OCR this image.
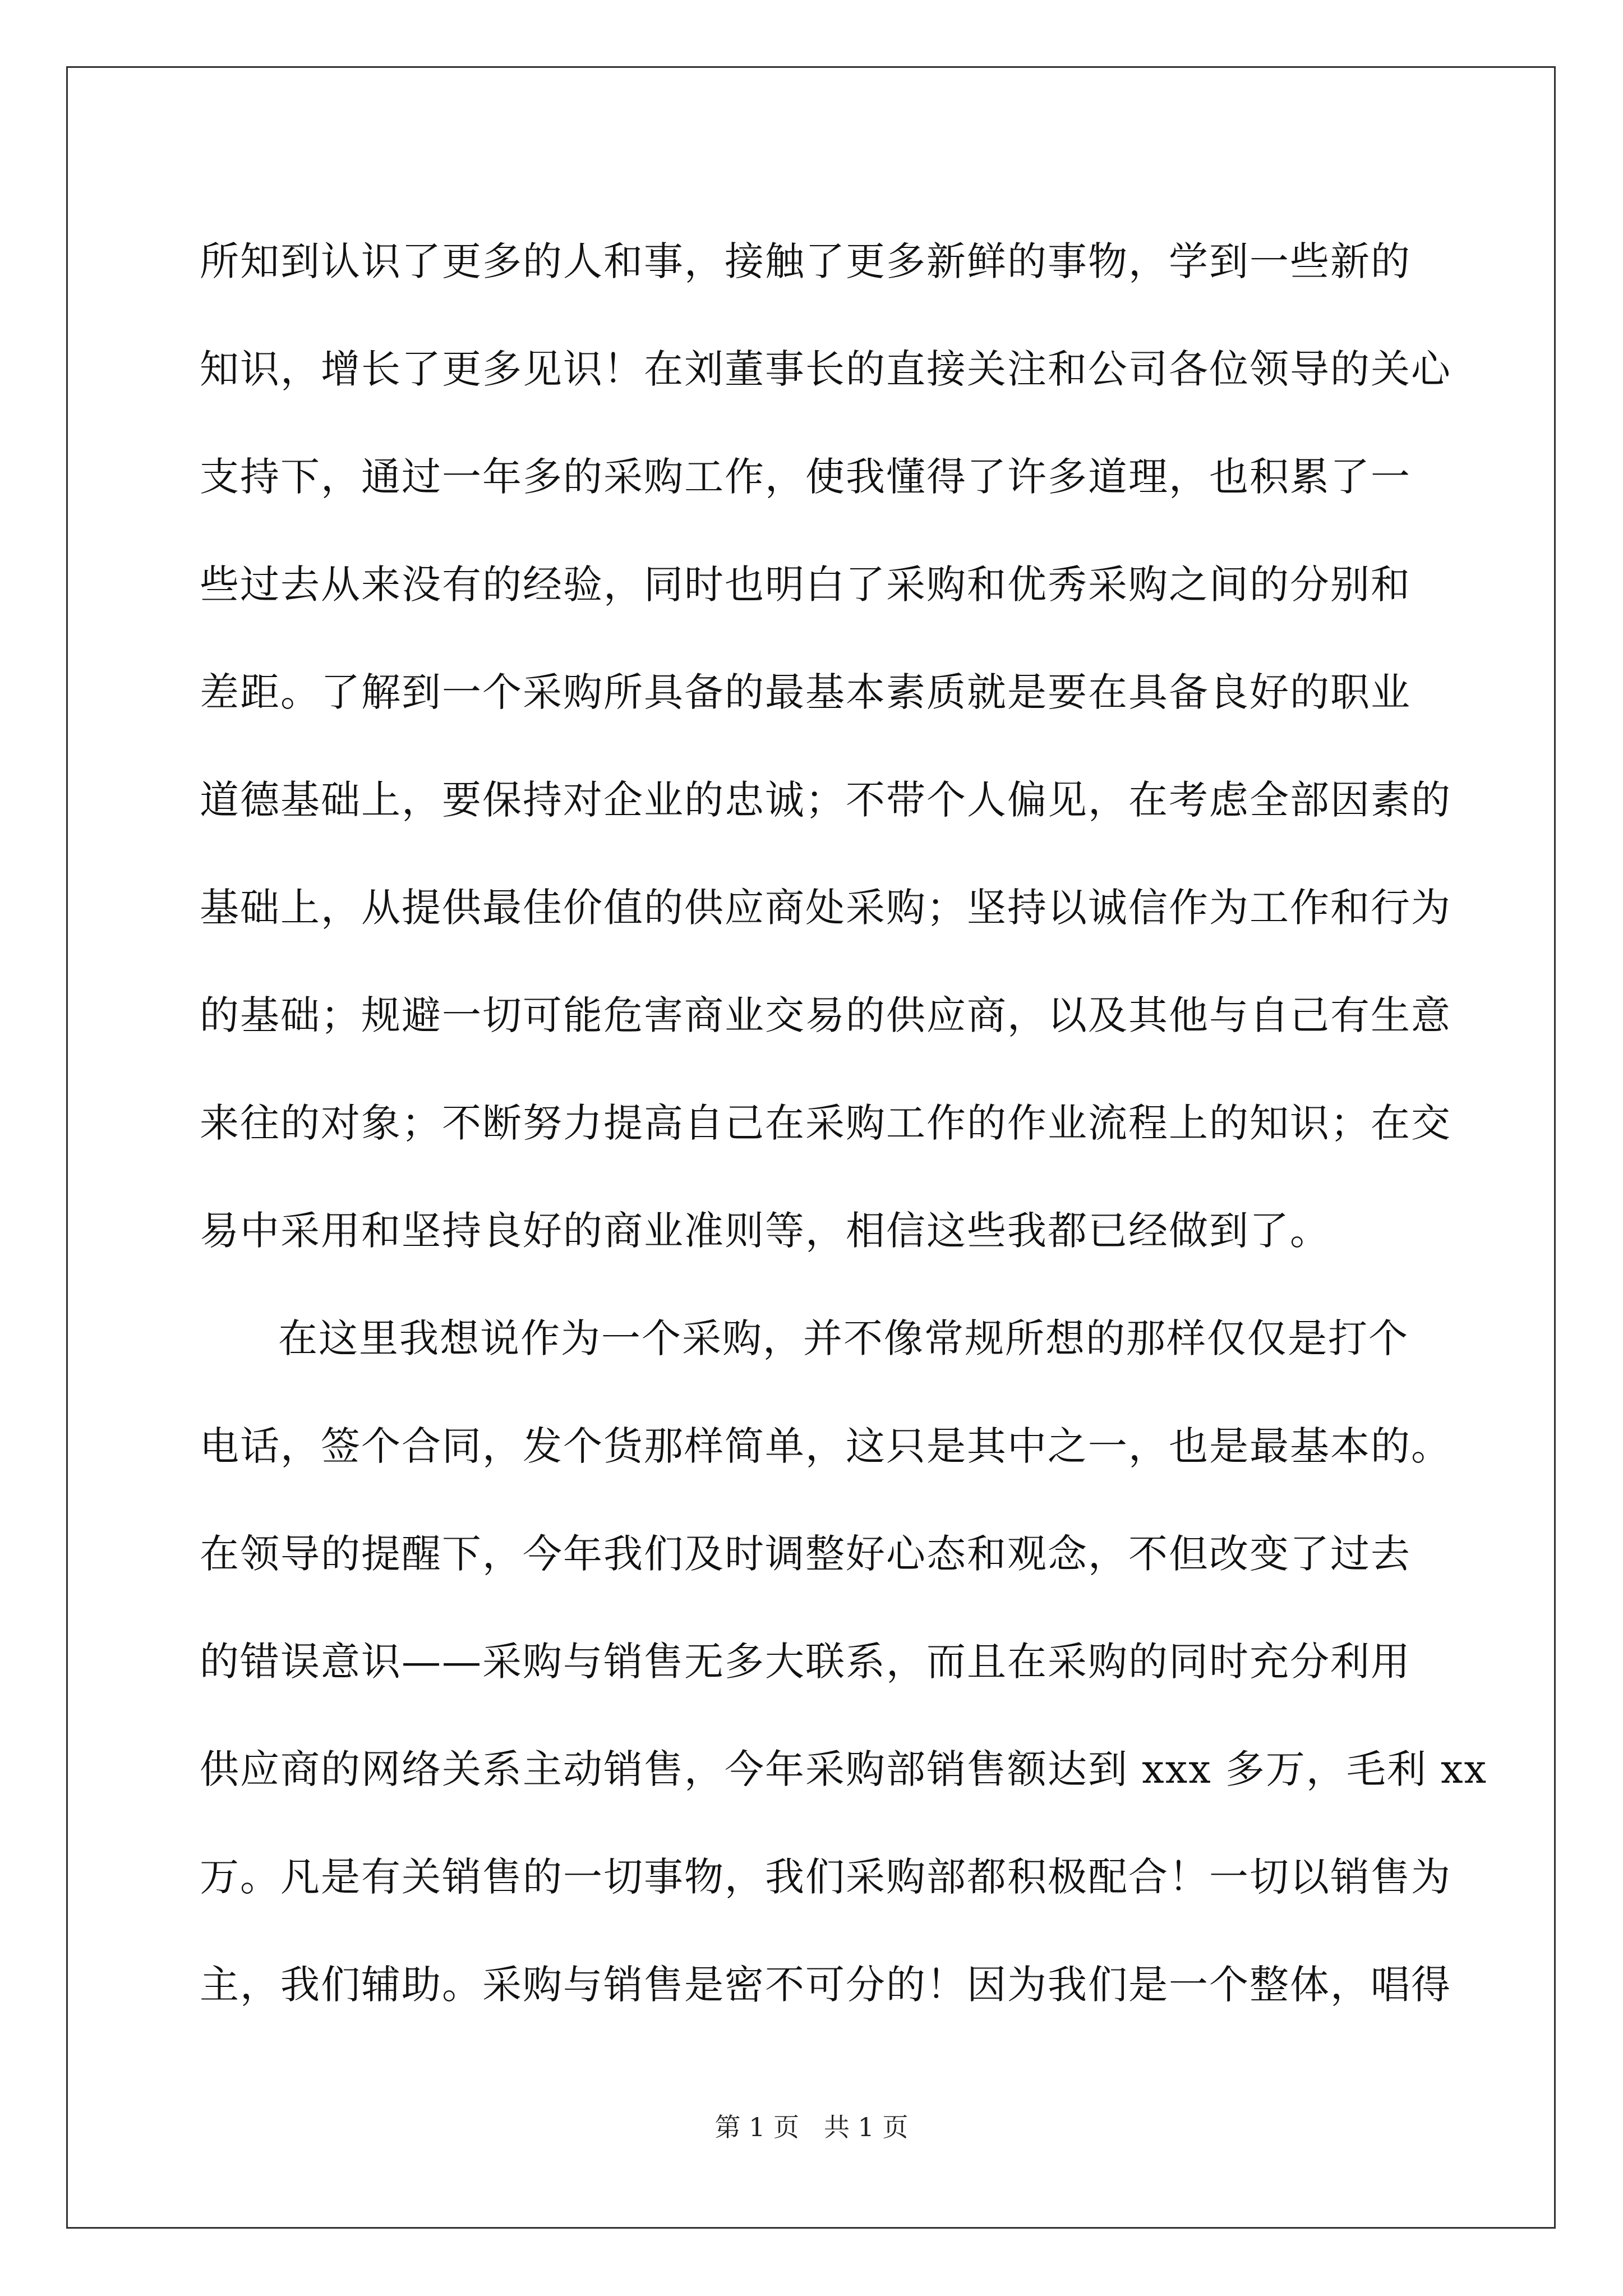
所知到认识了更多的人和事，接触了更多新鲜的事物，学到一些新的
知识，增长了更多见识！在刘董事长的直接关注和公司各位领导的关心
支持下，通过一年多的采购工作，使我懂得了许多道理，也积累了一
些过去从来没有的经验，同时也明白了采购和优秀采购之间的分别和
差距。了解到一个采购所具备的最基本素质就是要在具备良好的职业
道德基础上，要保持对企业的忠诚；不带个人偏见，在考虑全部因素的
基础上，从提供最佳价值的供应商处采购；坚持以诚信作为工作和行为
的基础；规避一切可能危害商业交易的供应商，以及其他与自己有生意
来往的对象；不断努力提高自己在采购工作的作业流程上的知识；在交
易中采用和坚持良好的商业准则等，相信这些我都已经做到了。
在这里我想说作为一个采购，并不像常规所想的那样仅仅是打个
电话，签个合同，发个货那样简单，这只是其中之一，也是最基本的。
在领导的提醒下，今年我们及时调整好心态和观念，不但改变了过去
的错误意识——采购与销售无多大联系，而且在采购的同时充分利用
供应商的网络关系主动销售，今年采购部销售额达到 xxx 多万，毛利 xx
万。凡是有关销售的一切事物，我们采购部都积极配合！一切以销售为
主，我们辅助。采购与销售是密不可分的！因为我们是一个整体，唱得
第 1 页 共 1 页
